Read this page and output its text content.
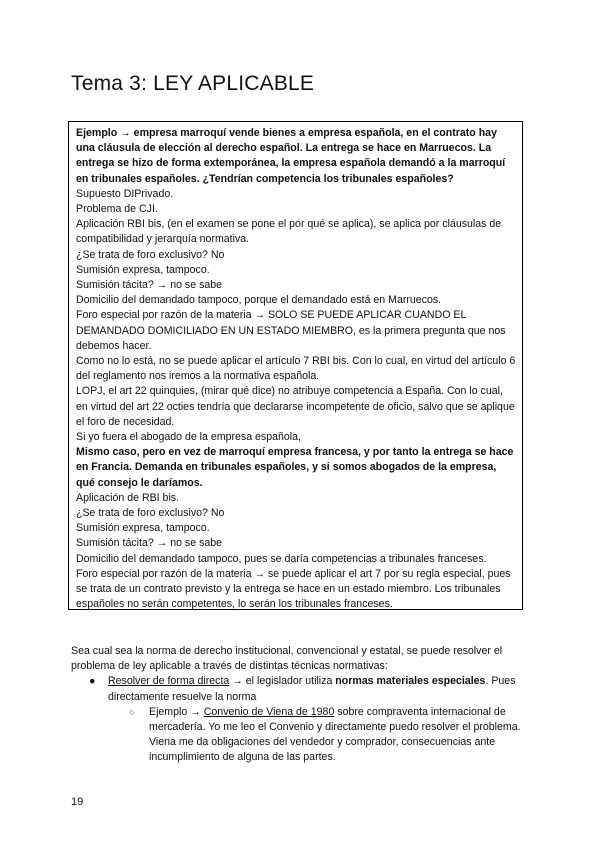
Tema 3: LEY APLICABLE

Ejemplo → empresa marroquí vende bienes a empresa española, en el contrato hay una cláusula de elección al derecho español. La entrega se hace en Marruecos. La entrega se hizo de forma extemporánea, la empresa española demandó a la marroquí en tribunales españoles. ¿Tendrían competencia los tribunales españoles?

Supuesto DIPrivado.

Problema de CJI.

Aplicación RBI bis, (en el examen se pone el por qué se aplica), se aplica por cláusulas de compatibilidad y jerarquía normativa.

¿Se trata de foro exclusivo? No

Sumisión expresa, tampoco.

Sumisión tácita? → no se sabe

Domicilio del demandado tampoco, porque el demandado está en Marruecos.

Foro especial por razón de la materia → SOLO SE PUEDE APLICAR CUANDO EL DEMANDADO DOMICILIADO EN UN ESTADO MIEMBRO, es la primera pregunta que nos debemos hacer.

Como no lo está, no se puede aplicar el artículo 7 RBI bis. Con lo cual, en virtud del artículo 6 del reglamento nos iremos a la normativa española.

LOPJ, el art 22 quinquies, (mirar qué dice) no atribuye competencia a España. Con lo cual, en virtud del art 22 octies tendría que declararse incompetente de oficio, salvo que se aplique el foro de necesidad.

Si yo fuera el abogado de la empresa española,

Mismo caso, pero en vez de marroquí empresa francesa, y por tanto la entrega se hace en Francia. Demanda en tribunales españoles, y si somos abogados de la empresa, qué consejo le daríamos.

Aplicación de RBI bis.

¿Se trata de foro exclusivo? No

Sumisión expresa, tampoco.

Sumisión tácita? → no se sabe

Domicilio del demandado tampoco, pues se daría competencias a tribunales franceses.

Foro especial por razón de la materia → se puede aplicar el art 7 por su regla especial, pues se trata de un contrato previsto y la entrega se hace en un estado miembro. Los tribunales españoles no serán competentes, lo serán los tribunales franceses.

Sea cual sea la norma de derecho institucional, convencional y estatal, se puede resolver el problema de ley aplicable a través de distintas técnicas normativas:

● Resolver de forma directa → el legislador utiliza normas materiales especiales. Pues directamente resuelve la norma
○ Ejemplo → Convenio de Viena de 1980 sobre compraventa internacional de mercadería. Yo me leo el Convenio y directamente puedo resolver el problema. Viena me da obligaciones del vendedor y comprador, consecuencias ante incumplimiento de alguna de las partes.
19
